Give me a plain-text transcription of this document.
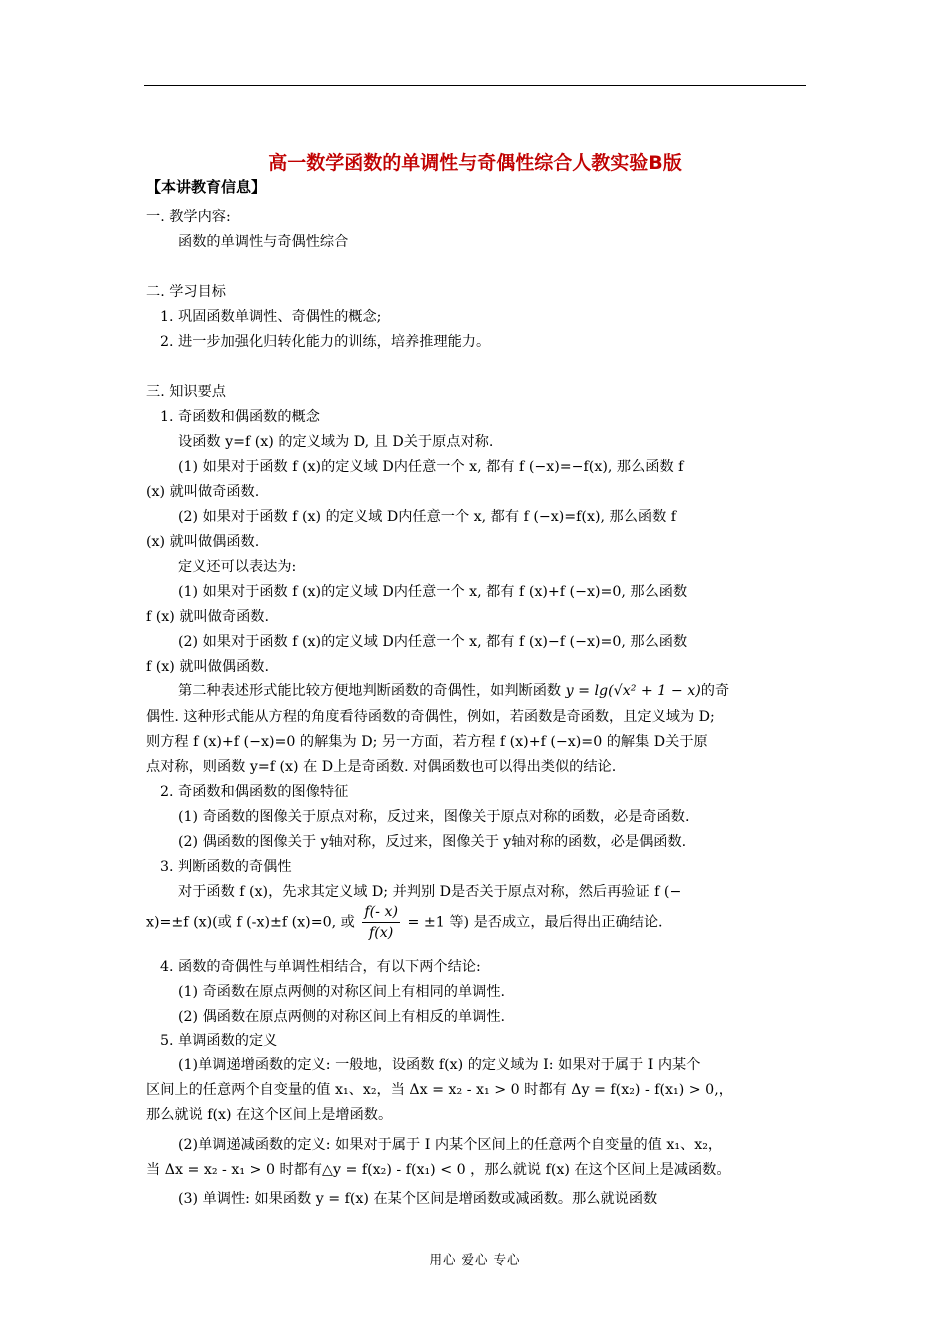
高一数学函数的单调性与奇偶性综合人教实验B版
【本讲教育信息】
一. 教学内容:
函数的单调性与奇偶性综合
二. 学习目标
1. 巩固函数单调性、奇偶性的概念;
2. 进一步加强化归转化能力的训练，培养推理能力。
三. 知识要点
1. 奇函数和偶函数的概念
设函数 y=f (x) 的定义域为 D, 且 D关于原点对称.
(1) 如果对于函数 f (x)的定义域 D内任意一个 x, 都有 f (−x)=−f(x), 那么函数 f
(x) 就叫做奇函数.
(2) 如果对于函数 f (x) 的定义域 D内任意一个 x, 都有 f (−x)=f(x), 那么函数 f
(x) 就叫做偶函数.
定义还可以表达为:
(1) 如果对于函数 f (x)的定义域 D内任意一个 x, 都有 f (x)+f (−x)=0, 那么函数
f (x) 就叫做奇函数.
(2) 如果对于函数 f (x)的定义域 D内任意一个 x, 都有 f (x)−f (−x)=0, 那么函数
f (x) 就叫做偶函数.
第二种表述形式能比较方便地判断函数的奇偶性，如判断函数 y = lg(√x² + 1 − x)的奇
偶性. 这种形式能从方程的角度看待函数的奇偶性，例如，若函数是奇函数，且定义域为 D;
则方程 f (x)+f (−x)=0 的解集为 D; 另一方面，若方程 f (x)+f (−x)=0 的解集 D关于原
点对称，则函数 y=f (x) 在 D上是奇函数. 对偶函数也可以得出类似的结论.
2. 奇函数和偶函数的图像特征
(1) 奇函数的图像关于原点对称，反过来，图像关于原点对称的函数，必是奇函数.
(2) 偶函数的图像关于 y轴对称，反过来，图像关于 y轴对称的函数，必是偶函数.
3. 判断函数的奇偶性
对于函数 f (x)，先求其定义域 D; 并判别 D是否关于原点对称，然后再验证 f (−
x)=±f (x)(或 f (-x)±f (x)=0, 或 $\frac{f(- x)}{f(x)} = \pm 1$ 等) 是否成立，最后得出正确结论.
4. 函数的奇偶性与单调性相结合，有以下两个结论:
(1) 奇函数在原点两侧的对称区间上有相同的单调性.
(2) 偶函数在原点两侧的对称区间上有相反的单调性.
5. 单调函数的定义
(1)单调递增函数的定义: 一般地，设函数 f(x) 的定义域为 I: 如果对于属于 I 内某个
区间上的任意两个自变量的值 x₁、x₂，当 Δx = x₂ - x₁ > 0 时都有 Δy = f(x₂) - f(x₁) > 0,，
那么就说 f(x) 在这个区间上是增函数。
(2)单调递减函数的定义: 如果对于属于 I 内某个区间上的任意两个自变量的值 x₁、x₂，
当 Δx = x₂ - x₁ > 0 时都有△y = f(x₂) - f(x₁) < 0 ，那么就说 f(x) 在这个区间上是减函数。
(3) 单调性: 如果函数 y = f(x) 在某个区间是增函数或减函数。那么就说函数
用心 爱心 专心
